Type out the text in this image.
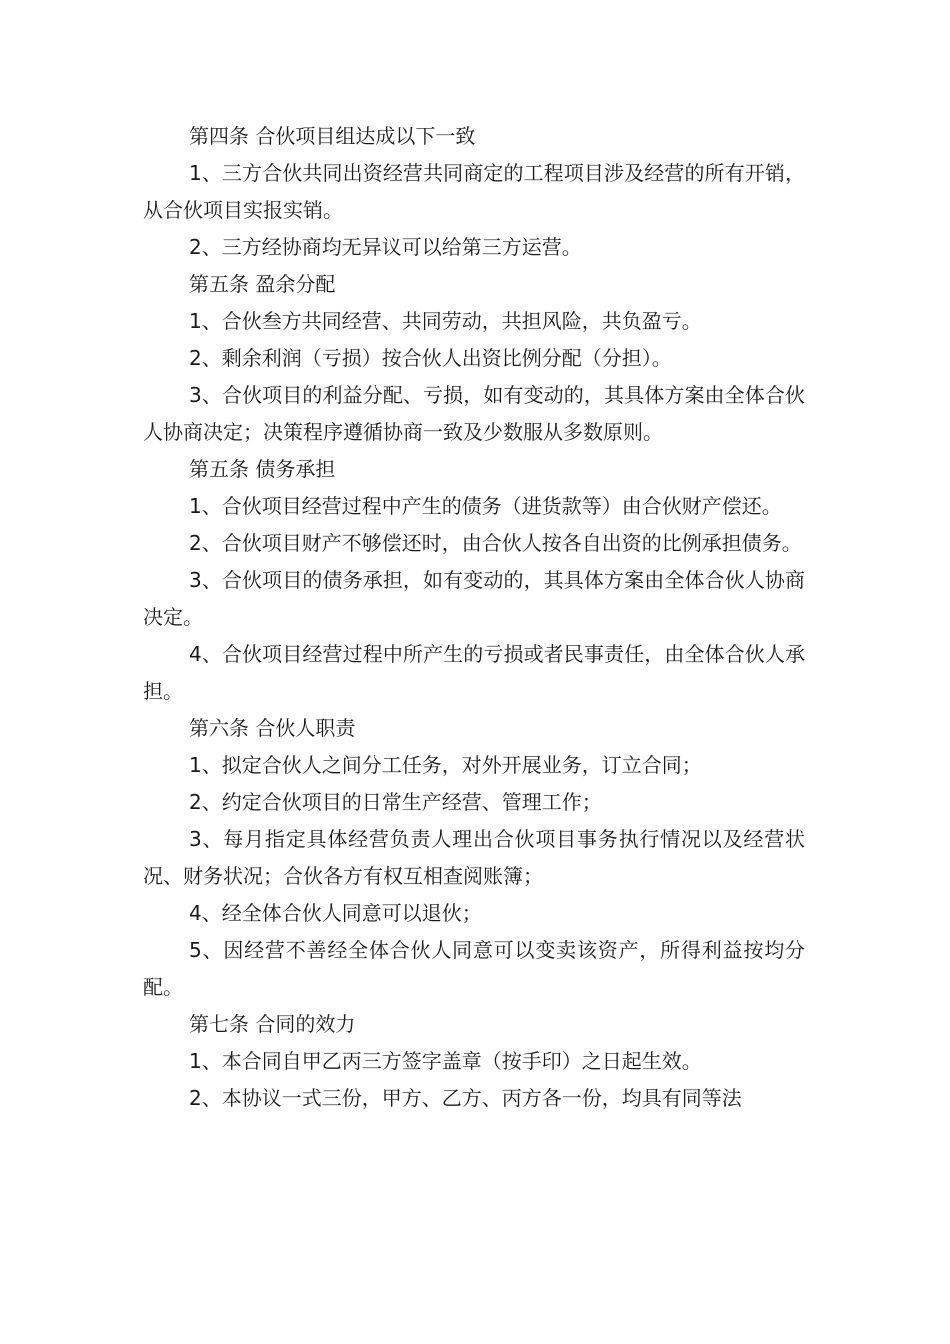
第四条 合伙项目组达成以下一致

1、三方合伙共同出资经营共同商定的工程项目涉及经营的所有开销，从合伙项目实报实销。

2、三方经协商均无异议可以给第三方运营。

第五条 盈余分配

1、合伙叁方共同经营、共同劳动，共担风险，共负盈亏。

2、剩余利润（亏损）按合伙人出资比例分配（分担）。

3、合伙项目的利益分配、亏损，如有变动的，其具体方案由全体合伙人协商决定；决策程序遵循协商一致及少数服从多数原则。

第五条 债务承担

1、合伙项目经营过程中产生的债务（进货款等）由合伙财产偿还。

2、合伙项目财产不够偿还时，由合伙人按各自出资的比例承担债务。

3、合伙项目的债务承担，如有变动的，其具体方案由全体合伙人协商决定。

4、合伙项目经营过程中所产生的亏损或者民事责任，由全体合伙人承担。

第六条 合伙人职责

1、拟定合伙人之间分工任务，对外开展业务，订立合同；

2、约定合伙项目的日常生产经营、管理工作；

3、每月指定具体经营负责人理出合伙项目事务执行情况以及经营状况、财务状况；合伙各方有权互相查阅账簿；

4、经全体合伙人同意可以退伙；

5、因经营不善经全体合伙人同意可以变卖该资产，所得利益按均分配。

第七条 合同的效力

1、本合同自甲乙丙三方签字盖章（按手印）之日起生效。

2、本协议一式三份，甲方、乙方、丙方各一份，均具有同等法
